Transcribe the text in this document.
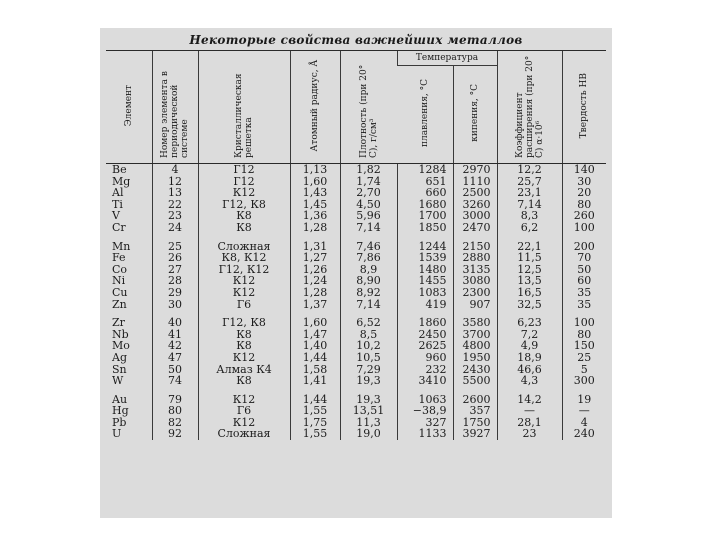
Некоторые свойства важнейших металлов
Элемент	Номер элемента в периодической системе	Кристаллическая решетка	Атомный радиус, Å	Плотность (при 20° С), г/см³	Температура		Коэффициент расширения (при 20° С) α·10⁶	Твердость HB
					плавления, °С	кипения, °С		
Be	4	Г12	1,13	1,82	1284	2970	12,2	140
Mg	12	Г12	1,60	1,74	651	1110	25,7	30
Al	13	К12	1,43	2,70	660	2500	23,1	20
Ti	22	Г12, К8	1,45	4,50	1680	3260	7,14	80
V	23	К8	1,36	5,96	1700	3000	8,3	260
Cr	24	К8	1,28	7,14	1850	2470	6,2	100
Mn	25	Сложная	1,31	7,46	1244	2150	22,1	200
Fe	26	К8, К12	1,27	7,86	1539	2880	11,5	70
Co	27	Г12, К12	1,26	8,9	1480	3135	12,5	50
Ni	28	К12	1,24	8,90	1455	3080	13,5	60
Cu	29	К12	1,28	8,92	1083	2300	16,5	35
Zn	30	Г6	1,37	7,14	419	907	32,5	35
Zr	40	Г12, К8	1,60	6,52	1860	3580	6,23	100
Nb	41	К8	1,47	8,5	2450	3700	7,2	80
Mo	42	К8	1,40	10,2	2625	4800	4,9	150
Ag	47	К12	1,44	10,5	960	1950	18,9	25
Sn	50	Алмаз К4	1,58	7,29	232	2430	46,6	5
W	74	К8	1,41	19,3	3410	5500	4,3	300
Au	79	К12	1,44	19,3	1063	2600	14,2	19
Hg	80	Г6	1,55	13,51	−38,9	357	—	—
Pb	82	К12	1,75	11,3	327	1750	28,1	4
U	92	Сложная	1,55	19,0	1133	3927	23	240
